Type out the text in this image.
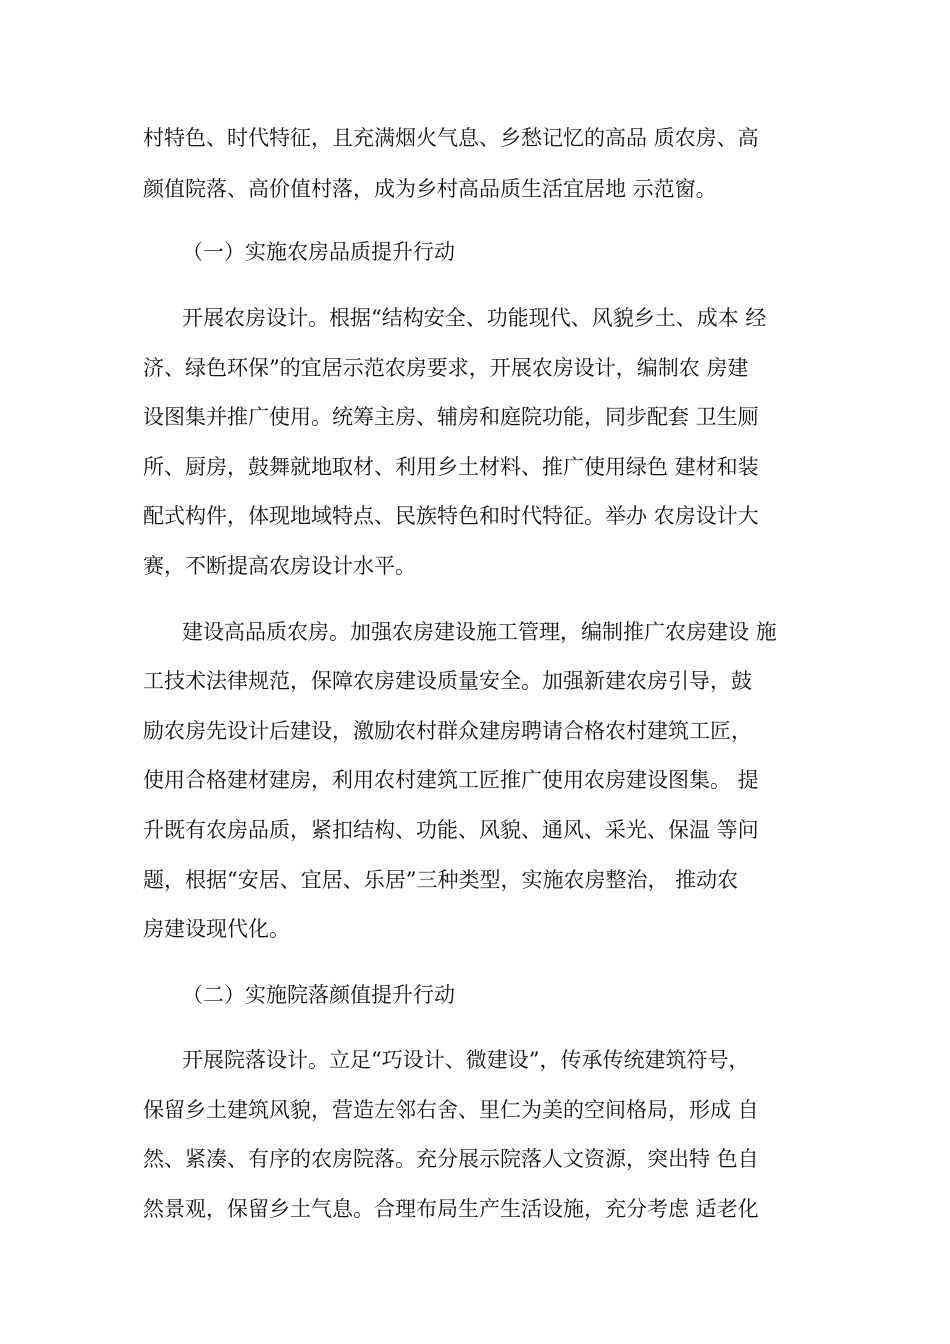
村特色、时代特征，且充满烟火气息、乡愁记忆的高品 质农房、高
颜值院落、高价值村落，成为乡村高品质生活宜居地 示范窗。
（一）实施农房品质提升行动
开展农房设计。根据“结构安全、功能现代、风貌乡土、成本 经
济、绿色环保”的宜居示范农房要求，开展农房设计，编制农 房建
设图集并推广使用。统筹主房、辅房和庭院功能，同步配套 卫生厕
所、厨房，鼓舞就地取材、利用乡土材料、推广使用绿色 建材和装
配式构件，体现地域特点、民族特色和时代特征。举办 农房设计大
赛，不断提高农房设计水平。
建设高品质农房。加强农房建设施工管理，编制推广农房建设 施
工技术法律规范，保障农房建设质量安全。加强新建农房引导，鼓
励农房先设计后建设，激励农村群众建房聘请合格农村建筑工匠，
使用合格建材建房，利用农村建筑工匠推广使用农房建设图集。 提
升既有农房品质，紧扣结构、功能、风貌、通风、采光、保温 等问
题，根据“安居、宜居、乐居”三种类型，实施农房整治， 推动农
房建设现代化。
（二）实施院落颜值提升行动
开展院落设计。立足“巧设计、微建设”，传承传统建筑符号，
保留乡土建筑风貌，营造左邻右舍、里仁为美的空间格局，形成 自
然、紧凑、有序的农房院落。充分展示院落人文资源，突出特 色自
然景观，保留乡土气息。合理布局生产生活设施，充分考虑 适老化
